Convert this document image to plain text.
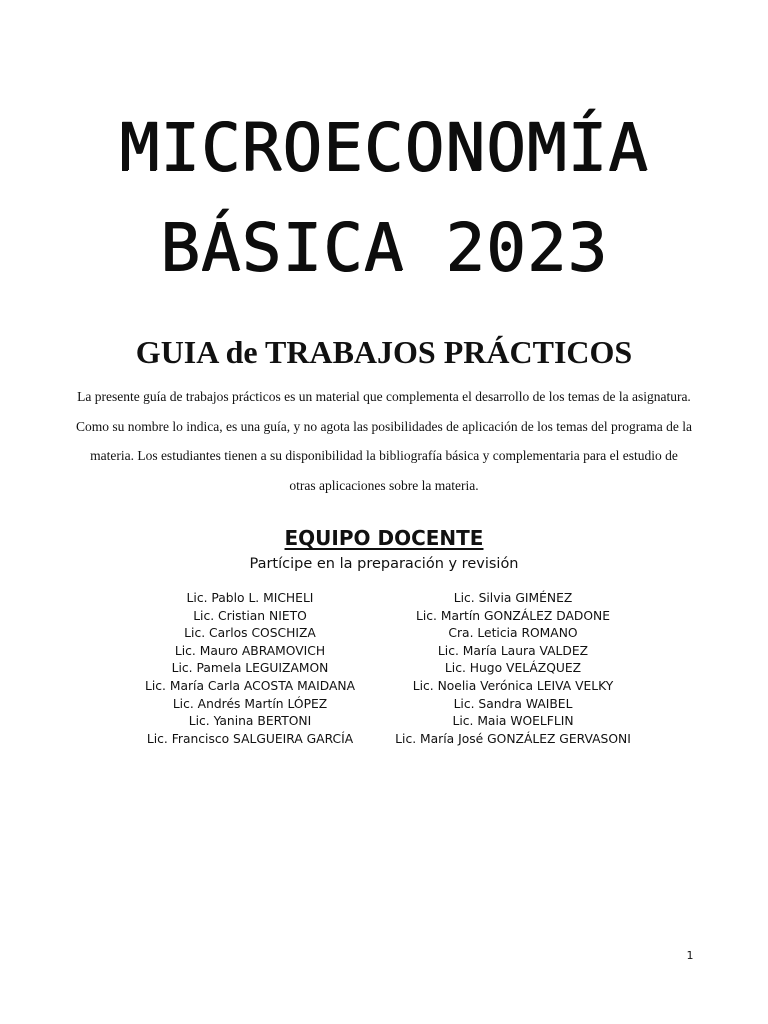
MICROECONOMÍA
BÁSICA 2023
GUIA de TRABAJOS PRÁCTICOS

La presente guía de trabajos prácticos es un material que complementa el desarrollo de los temas de la asignatura. Como su nombre lo indica, es una guía, y no agota las posibilidades de aplicación de los temas del programa de la materia. Los estudiantes tienen a su disponibilidad la bibliografía básica y complementaria para el estudio de otras aplicaciones sobre la materia.

EQUIPO DOCENTE

Partícipe en la preparación y revisión

Lic. Pablo L. MICHELI
Lic. Cristian NIETO
Lic. Carlos COSCHIZA
Lic. Mauro ABRAMOVICH
Lic. Pamela LEGUIZAMON
Lic. María Carla ACOSTA MAIDANA
Lic. Andrés Martín LÓPEZ
Lic. Yanina BERTONI
Lic. Francisco SALGUEIRA GARCÍA
Lic. Silvia GIMÉNEZ
Lic. Martín GONZÁLEZ DADONE
Cra. Leticia ROMANO
Lic. María Laura VALDEZ
Lic. Hugo VELÁZQUEZ
Lic. Noelia Verónica LEIVA VELKY
Lic. Sandra WAIBEL
Lic. Maia WOELFLIN
Lic. María José GONZÁLEZ GERVASONI
1
